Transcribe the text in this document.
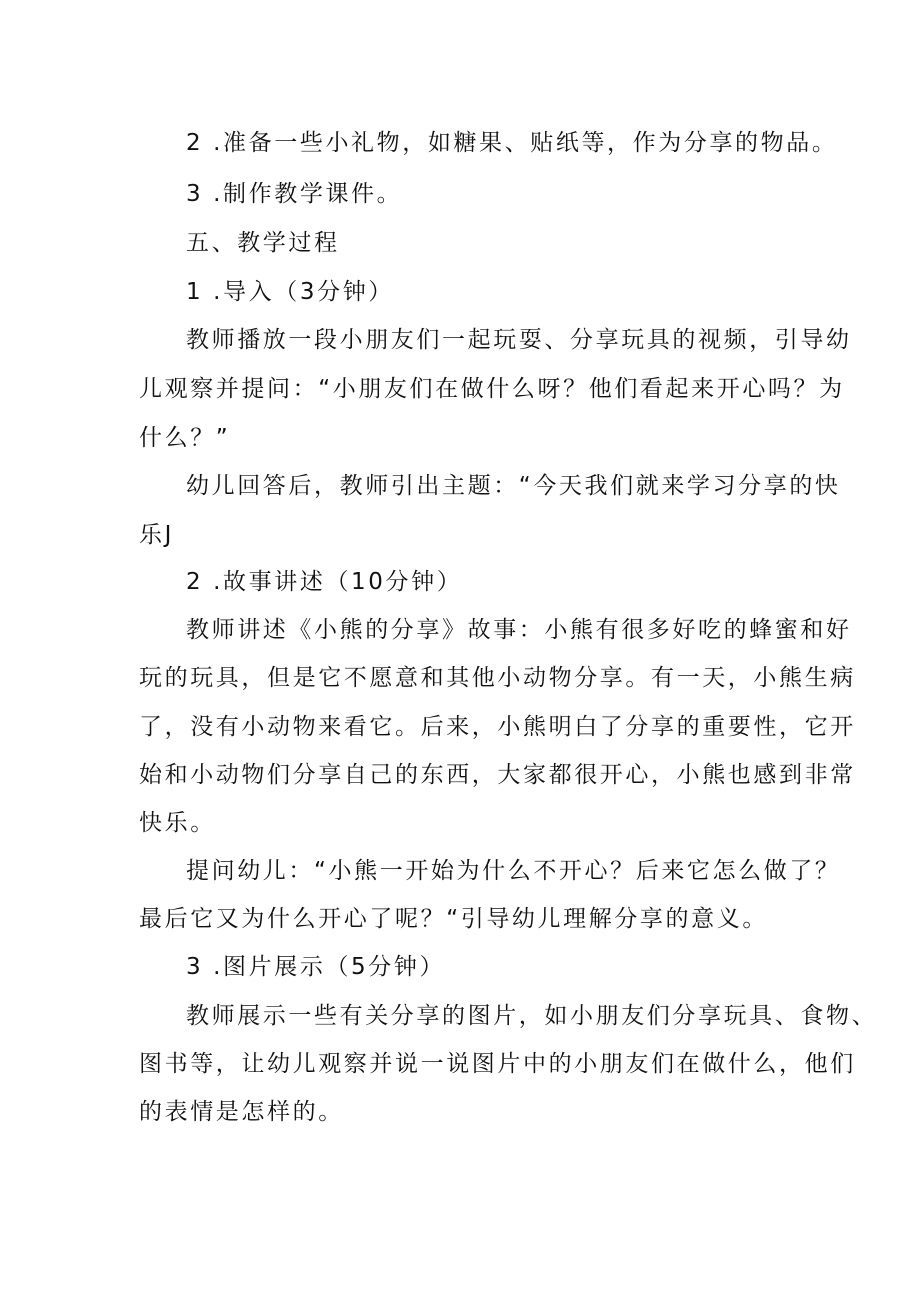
2 .准备一些小礼物，如糖果、贴纸等，作为分享的物品。

3 .制作教学课件。

五、教学过程

1 .导入（3分钟）

教师播放一段小朋友们一起玩耍、分享玩具的视频，引导幼

儿观察并提问：“小朋友们在做什么呀？他们看起来开心吗？为

什么？”

幼儿回答后，教师引出主题：“今天我们就来学习分享的快

乐J

2 .故事讲述（10分钟）

教师讲述《小熊的分享》故事：小熊有很多好吃的蜂蜜和好

玩的玩具，但是它不愿意和其他小动物分享。有一天，小熊生病

了，没有小动物来看它。后来，小熊明白了分享的重要性，它开

始和小动物们分享自己的东西，大家都很开心，小熊也感到非常

快乐。

提问幼儿：“小熊一开始为什么不开心？后来它怎么做了？

最后它又为什么开心了呢？“引导幼儿理解分享的意义。

3 .图片展示（5分钟）

教师展示一些有关分享的图片，如小朋友们分享玩具、食物、

图书等，让幼儿观察并说一说图片中的小朋友们在做什么，他们

的表情是怎样的。
